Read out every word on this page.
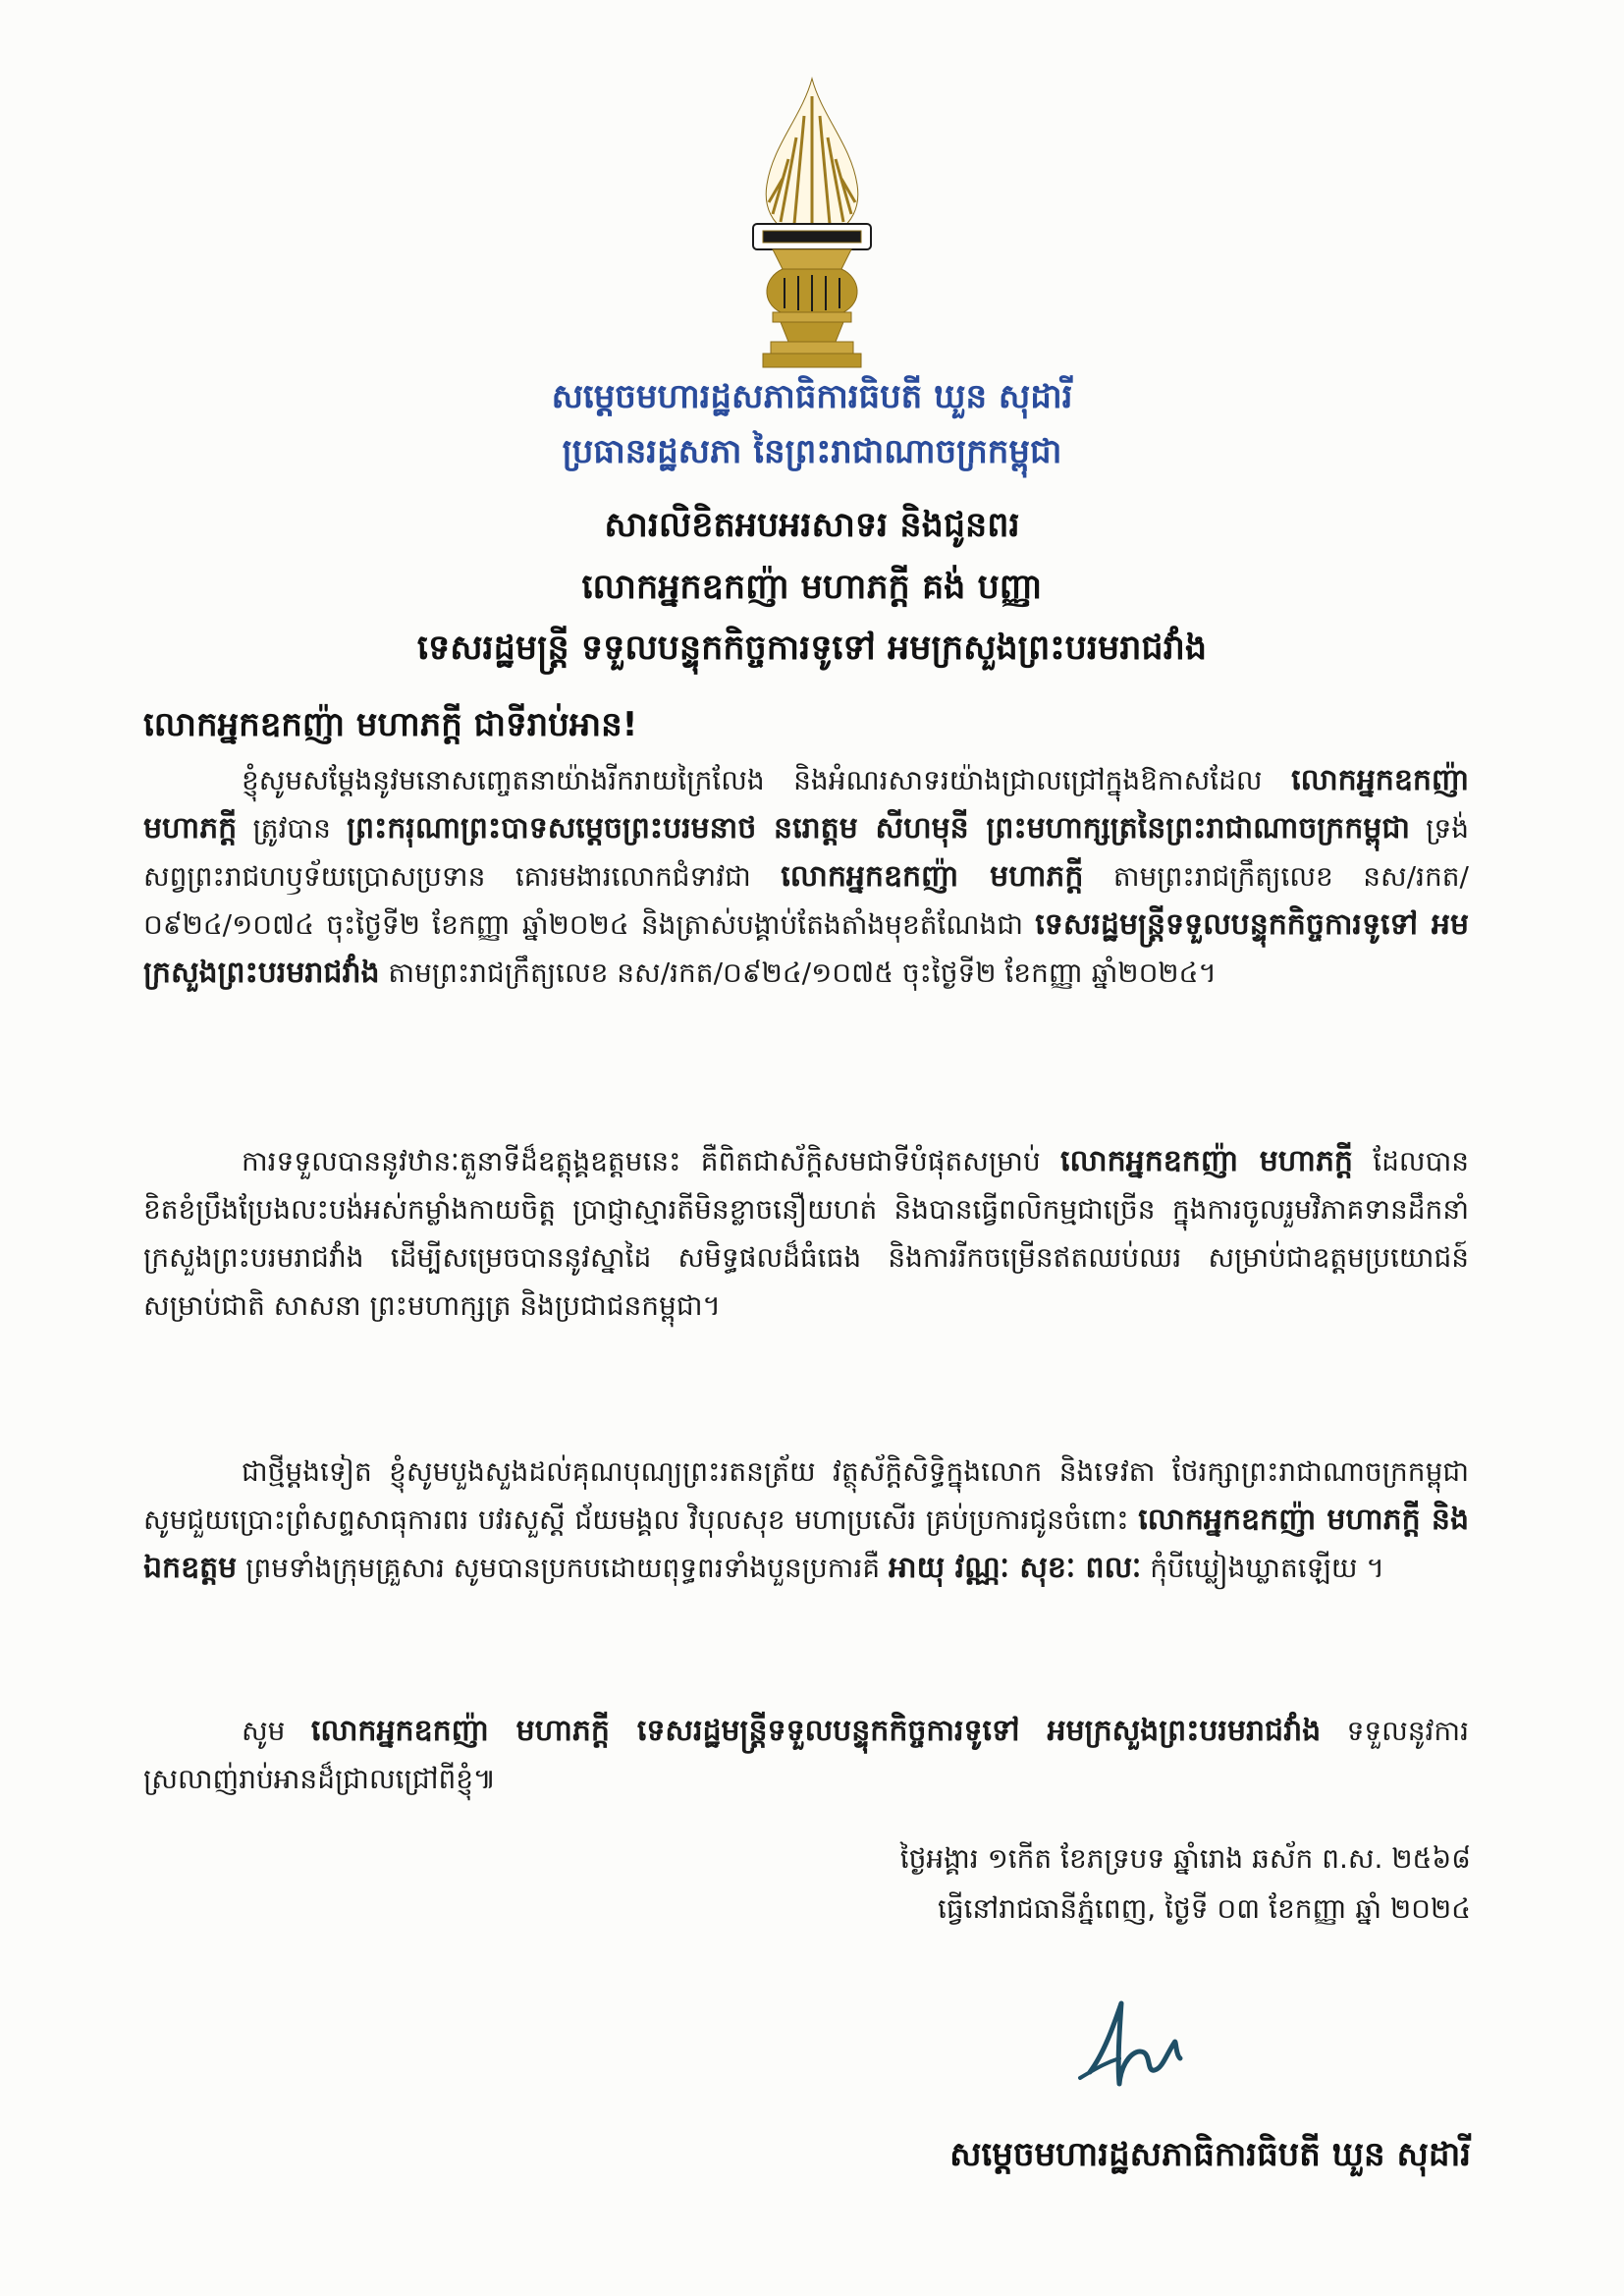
សម្តេចមហារដ្ឋសភាធិការធិបតី ឃួន សុដារី
ប្រធានរដ្ឋសភា នៃព្រះរាជាណាចក្រកម្ពុជា
សារលិខិតអបអរសាទរ និងជូនពរ
លោកអ្នកឧកញ៉ា មហាភក្ដី គង់ បញ្ញា
ទេសរដ្ឋមន្ត្រី ទទួលបន្ទុកកិច្ចការទូទៅ អមក្រសួងព្រះបរមរាជវាំង
លោកអ្នកឧកញ៉ា មហាភក្តី ជាទីរាប់អាន!
ខ្ញុំសូមសម្តែងនូវមនោសញ្ចេតនាយ៉ាងរីករាយក្រៃលែង និងអំណរសាទរយ៉ាងជ្រាលជ្រៅក្នុងឱកាសដែល លោកអ្នកឧកញ៉ា មហាភក្តី ត្រូវបាន ព្រះករុណាព្រះបាទសម្តេចព្រះបរមនាថ នរោត្តម សីហមុនី ព្រះមហាក្សត្រនៃព្រះរាជាណាចក្រកម្ពុជា ទ្រង់សព្វព្រះរាជហឫទ័យប្រោសប្រទាន គោរមងារលោកជំទាវជា លោកអ្នកឧកញ៉ា មហាភក្តី តាមព្រះរាជក្រឹត្យលេខ នស/រកត/០៩២៤/១០៧៤ ចុះថ្ងៃទី២ ខែកញ្ញា ឆ្នាំ២០២៤ និងត្រាស់បង្គាប់តែងតាំងមុខតំណែងជា ទេសរដ្ឋមន្ត្រីទទួលបន្ទុកកិច្ចការទូទៅ អមក្រសួងព្រះបរមរាជវាំង តាមព្រះរាជក្រឹត្យលេខ នស/រកត/០៩២៤/១០៧៥ ចុះថ្ងៃទី២ ខែកញ្ញា ឆ្នាំ២០២៤។
ការទទួលបាននូវឋានៈតួនាទីដ៏ឧត្តុង្គឧត្តមនេះ គឺពិតជាស័ក្តិសមជាទីបំផុតសម្រាប់ លោកអ្នកឧកញ៉ា មហាភក្តី ដែលបានខិតខំប្រឹងប្រែងលះបង់អស់កម្លាំងកាយចិត្ត ប្រាជ្ញាស្មារតីមិនខ្លាចនឿយហត់ និងបានធ្វើពលិកម្មជាច្រើន ក្នុងការចូលរួមវិភាគទានដឹកនាំក្រសួងព្រះបរមរាជវាំង ដើម្បីសម្រេចបាននូវស្នាដៃ សមិទ្ធផលដ៏ធំធេង និងការរីកចម្រើនឥតឈប់ឈរ សម្រាប់ជាឧត្តមប្រយោជន៍សម្រាប់ជាតិ សាសនា ព្រះមហាក្សត្រ និងប្រជាជនកម្ពុជា។
ជាថ្មីម្តងទៀត ខ្ញុំសូមបួងសួងដល់គុណបុណ្យព្រះរតនត្រ័យ វត្ថុស័ក្តិសិទ្ធិក្នុងលោក និងទេវតា ថែរក្សាព្រះរាជាណាចក្រកម្ពុជា សូមជួយប្រោះព្រំសព្ទសាធុការពរ បវរសួស្តី ជ័យមង្គល វិបុលសុខ មហាប្រសើរ គ្រប់ប្រការជូនចំពោះ លោកអ្នកឧកញ៉ា មហាភក្តី និងឯកឧត្តម ព្រមទាំងក្រុមគ្រួសារ សូមបានប្រកបដោយពុទ្ធពរទាំងបួនប្រការគឺ អាយុ វណ្ណៈ សុខៈ ពលៈ កុំបីឃ្លៀងឃ្លាតឡើយ ។
សូម លោកអ្នកឧកញ៉ា មហាភក្តី ទេសរដ្ឋមន្ត្រីទទួលបន្ទុកកិច្ចការទូទៅ អមក្រសួងព្រះបរមរាជវាំង ទទួលនូវការស្រលាញ់រាប់អានដ៏ជ្រាលជ្រៅពីខ្ញុំ៕
ថ្ងៃអង្គារ ១កើត ខែភទ្របទ ឆ្នាំរោង ឆស័ក ព.ស. ២៥៦៨
ធ្វើនៅរាជធានីភ្នំពេញ, ថ្ងៃទី ០៣ ខែកញ្ញា ឆ្នាំ ២០២៤
សម្តេចមហារដ្ឋសភាធិការធិបតី ឃួន សុដារី
